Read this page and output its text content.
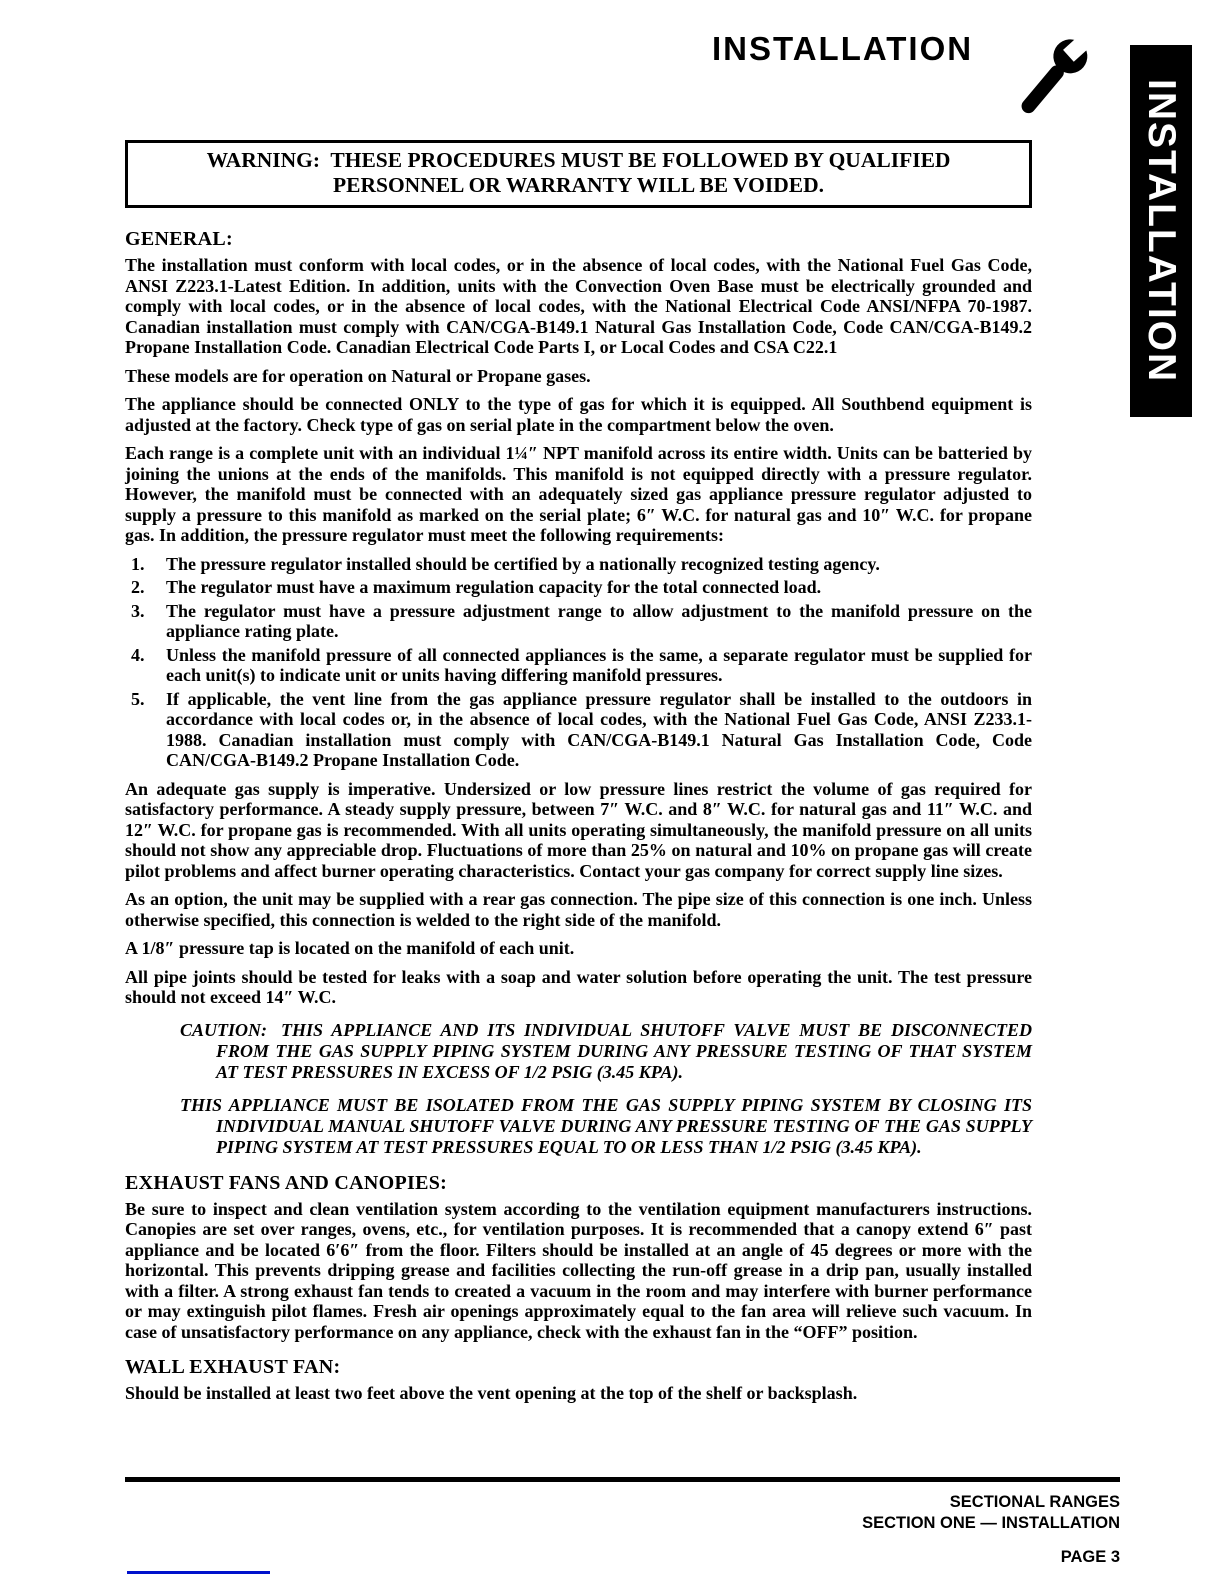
INSTALLATION
INSTALLATION
WARNING:  THESE PROCEDURES MUST BE FOLLOWED BY QUALIFIED
PERSONNEL OR WARRANTY WILL BE VOIDED.
GENERAL:

The installation must conform with local codes, or in the absence of local codes, with the National Fuel Gas Code, ANSI Z223.1-Latest Edition. In addition, units with the Convection Oven Base must be electrically grounded and comply with local codes, or in the absence of local codes, with the National Electrical Code ANSI/NFPA 70-1987. Canadian installation must comply with CAN/CGA-B149.1 Natural Gas Installation Code, Code CAN/CGA-B149.2 Propane Installation Code. Canadian Electrical Code Parts I, or Local Codes and CSA C22.1

These models are for operation on Natural or Propane gases.

The appliance should be connected ONLY to the type of gas for which it is equipped. All Southbend equipment is adjusted at the factory. Check type of gas on serial plate in the compartment below the oven.

Each range is a complete unit with an individual 1¼″ NPT manifold across its entire width. Units can be batteried by joining the unions at the ends of the manifolds. This manifold is not equipped directly with a pressure regulator. However, the manifold must be connected with an adequately sized gas appliance pressure regulator adjusted to supply a pressure to this manifold as marked on the serial plate; 6″ W.C. for natural gas and 10″ W.C. for propane gas. In addition, the pressure regulator must meet the following requirements:

1.	The pressure regulator installed should be certified by a nationally recognized testing agency.
2.	The regulator must have a maximum regulation capacity for the total connected load.
3.	The regulator must have a pressure adjustment range to allow adjustment to the manifold pressure on the appliance rating plate.
4.	Unless the manifold pressure of all connected appliances is the same, a separate regulator must be supplied for each unit(s) to indicate unit or units having differing manifold pressures.
5.	If applicable, the vent line from the gas appliance pressure regulator shall be installed to the outdoors in accordance with local codes or, in the absence of local codes, with the National Fuel Gas Code, ANSI Z233.1-1988. Canadian installation must comply with CAN/CGA-B149.1 Natural Gas Installation Code, Code CAN/CGA-B149.2 Propane Installation Code.

An adequate gas supply is imperative. Undersized or low pressure lines restrict the volume of gas required for satisfactory performance. A steady supply pressure, between 7″ W.C. and 8″ W.C. for natural gas and 11″ W.C. and 12″ W.C. for propane gas is recommended. With all units operating simultaneously, the manifold pressure on all units should not show any appreciable drop. Fluctuations of more than 25% on natural and 10% on propane gas will create pilot problems and affect burner operating characteristics. Contact your gas company for correct supply line sizes.

As an option, the unit may be supplied with a rear gas connection. The pipe size of this connection is one inch. Unless otherwise specified, this connection is welded to the right side of the manifold.

A 1/8″ pressure tap is located on the manifold of each unit.

All pipe joints should be tested for leaks with a soap and water solution before operating the unit. The test pressure should not exceed 14″ W.C.

CAUTION: THIS APPLIANCE AND ITS INDIVIDUAL SHUTOFF VALVE MUST BE DISCONNECTED FROM THE GAS SUPPLY PIPING SYSTEM DURING ANY PRESSURE TESTING OF THAT SYSTEM AT TEST PRESSURES IN EXCESS OF 1/2 PSIG (3.45 KPA).

THIS APPLIANCE MUST BE ISOLATED FROM THE GAS SUPPLY PIPING SYSTEM BY CLOSING ITS INDIVIDUAL MANUAL SHUTOFF VALVE DURING ANY PRESSURE TESTING OF THE GAS SUPPLY PIPING SYSTEM AT TEST PRESSURES EQUAL TO OR LESS THAN 1/2 PSIG (3.45 KPA).

EXHAUST FANS AND CANOPIES:

Be sure to inspect and clean ventilation system according to the ventilation equipment manufacturers instructions. Canopies are set over ranges, ovens, etc., for ventilation purposes. It is recommended that a canopy extend 6″ past appliance and be located 6′6″ from the floor. Filters should be installed at an angle of 45 degrees or more with the horizontal. This prevents dripping grease and facilities collecting the run-off grease in a drip pan, usually installed with a filter. A strong exhaust fan tends to created a vacuum in the room and may interfere with burner performance or may extinguish pilot flames. Fresh air openings approximately equal to the fan area will relieve such vacuum. In case of unsatisfactory performance on any appliance, check with the exhaust fan in the “OFF” position.

WALL EXHAUST FAN:

Should be installed at least two feet above the vent opening at the top of the shelf or backsplash.

SECTIONAL RANGES
SECTION ONE — INSTALLATION
PAGE 3
